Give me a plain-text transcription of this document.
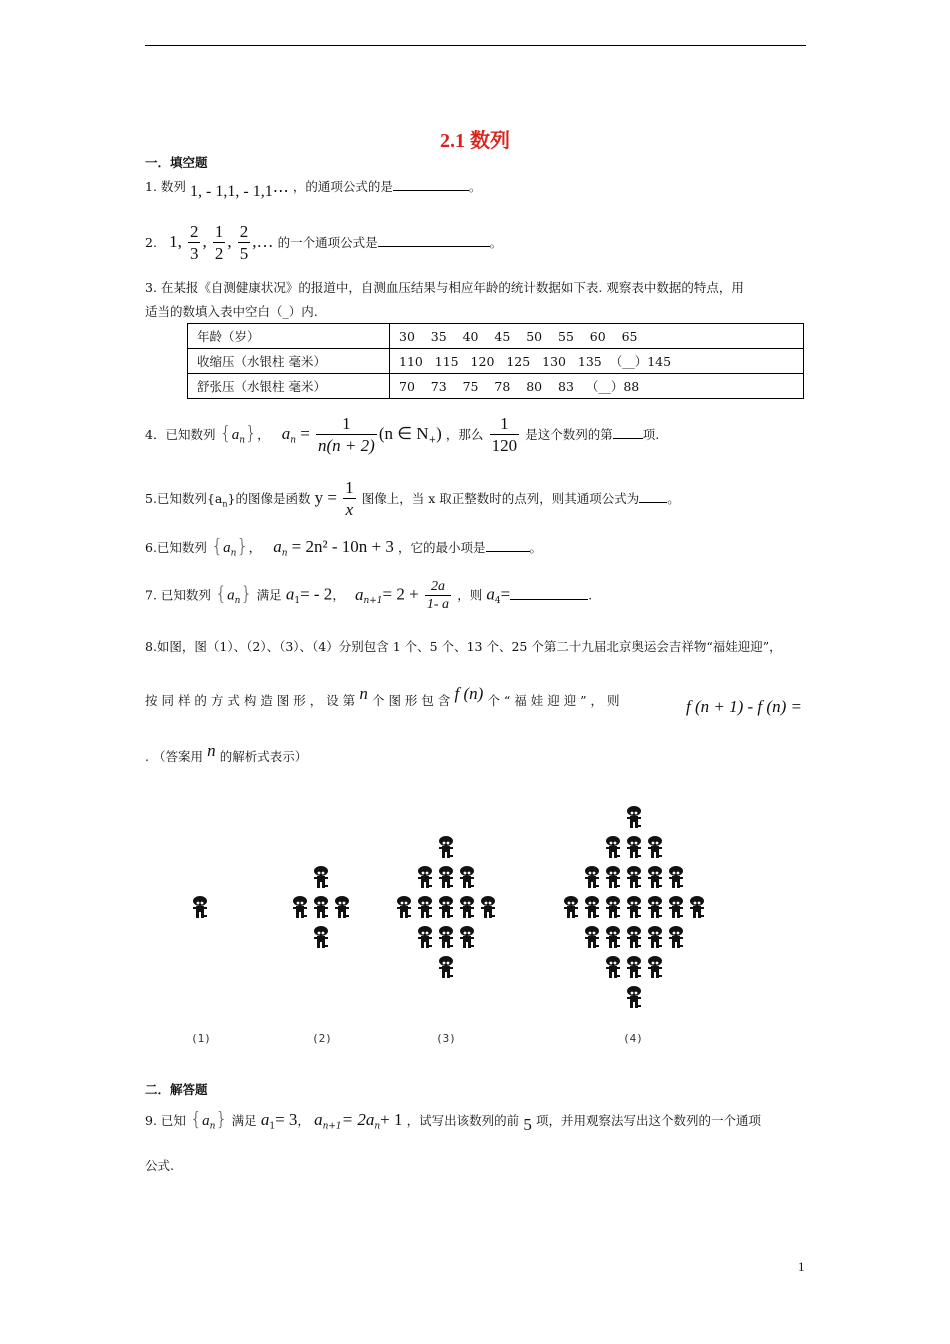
2.1 数列
一．填空题
1. 数列 1, - 1,1, - 1,1⋯ ，的通项公式的是	。
2. 1, $\frac{2}{3}$ , $\frac{1}{2}$ , $\frac{2}{5}$ ,… 的一个通项公式是	。
3. 在某报《自测健康状况》的报道中，自测血压结果与相应年龄的统计数据如下表. 观察表中数据的特点，用
适当的数填入表中空白（_）内.
年龄（岁）	30    35    40    45    50    55    60    65
收缩压（水银柱 毫米）	110   115   120   125   130   135  （__）145
舒张压（水银柱 毫米）	70    73    75    78    80    83   （__）88
4．已知数列 $\{a_n\}$， $a_n = \frac{1}{n(n + 2)} (n$ ∈ $N_+$) ，那么 $\frac{1}{120}$ 是这个数列的第 项.
5.已知数列$\{a_n\}$的图像是函数 $y = \frac{1}{x}$ 图像上，当 x 取正整数时的点列，则其通项公式为 。
6.已知数列 $\{a_n\}$， $a_n = 2n^2 - 10n + 3$ ，它的最小项是	。
7. 已知数列 $\{a_n\}$ 满足 $a_1= - 2$， $a_{n+1}= 2 + \frac{2a}{1- a}$ ，则 $a_4=$	.
8.如图，图（1）、（2）、（3）、（4）分别包含 1 个、5 个、13 个、25 个第二十九届北京奥运会吉祥物“福娃迎迎”，
按 同 样 的 方 式 构 造 图 形 ， 设 第 n 个 图 形 包 含 f (n) 个 “ 福 娃 迎 迎 ” ， 则	f (n + 1) - f (n) =
. （答案用 n 的解析式表示）
(1)	(2)	(3)	(4)
二．解答题
9. 已知 $\{a_n\}$ 满足 $a_1= 3$， $a_{n+1}= 2a_n+ 1$ ，试写出该数列的前 5 项，并用观察法写出这个数列的一个通项
公式.
1
